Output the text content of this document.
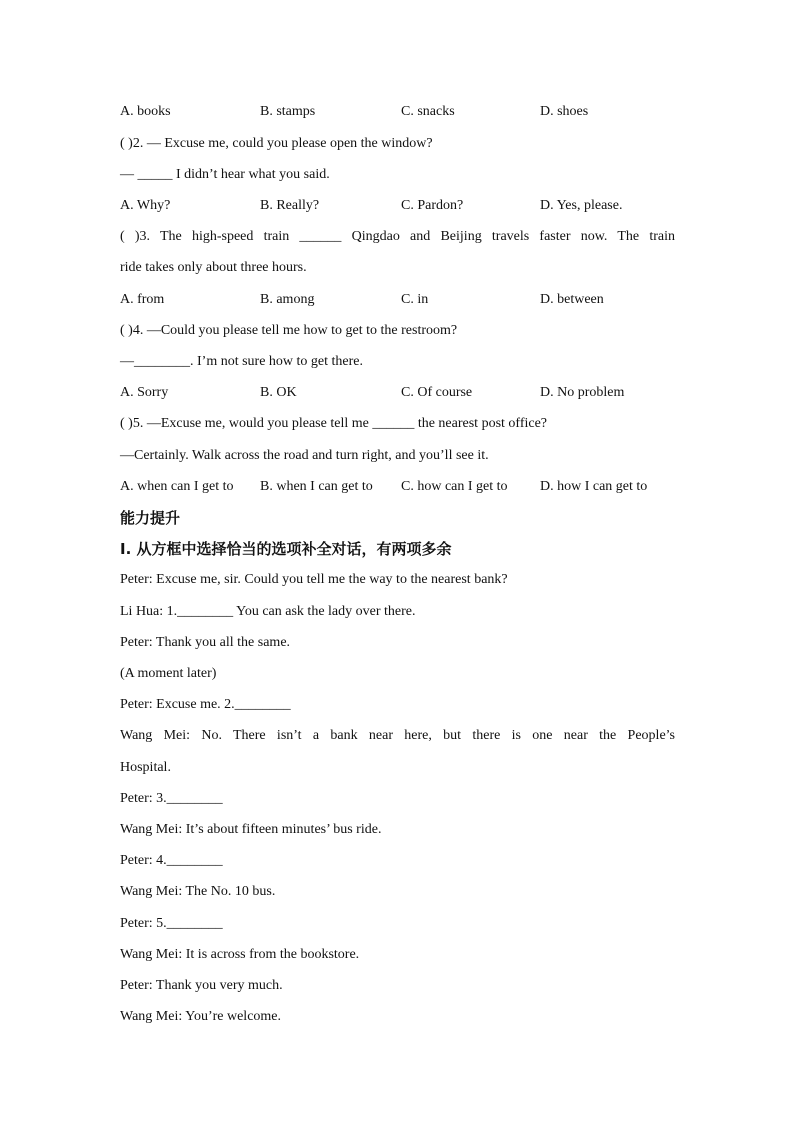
A. books	B. stamps	C. snacks	D. shoes
( )2. — Excuse me, could you please open the window?
— _____ I didn’t hear what you said.
A. Why?	B. Really?	C. Pardon?	D. Yes, please.
( )3. The high-speed train ______ Qingdao and Beijing travels faster now. The train
ride takes only about three hours.
A. from	B. among	C. in	D. between
( )4. —Could you please tell me how to get to the restroom?
—________. I’m not sure how to get there.
A. Sorry	B. OK	C. Of course	D. No problem
( )5. —Excuse me, would you please tell me ______ the nearest post office?
—Certainly. Walk across the road and turn right, and you’ll see it.
A. when can I get to	B. when I can get to	C. how can I get to	D. how I can get to
能力提升
Ⅰ. 从方框中选择恰当的选项补全对话，有两项多余
Peter: Excuse me, sir. Could you tell me the way to the nearest bank?
Li Hua: 1.________ You can ask the lady over there.
Peter: Thank you all the same.
(A moment later)
Peter: Excuse me. 2.________
Wang Mei: No. There isn’t a bank near here, but there is one near the People’s
Hospital.
Peter: 3.________
Wang Mei: It’s about fifteen minutes’ bus ride.
Peter: 4.________
Wang Mei: The No. 10 bus.
Peter: 5.________
Wang Mei: It is across from the bookstore.
Peter: Thank you very much.
Wang Mei: You’re welcome.
